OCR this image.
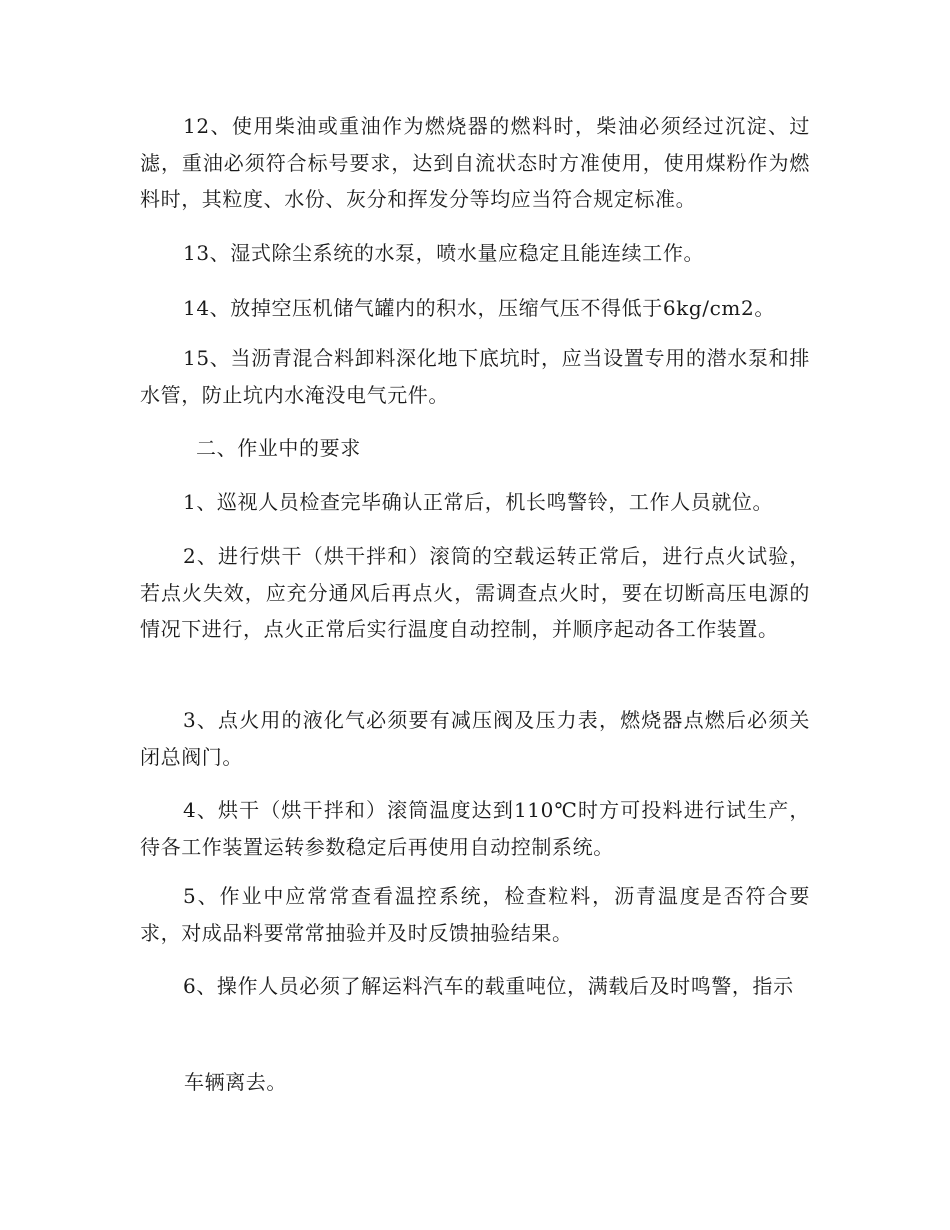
12、使用柴油或重油作为燃烧器的燃料时，柴油必须经过沉淀、过滤，重油必须符合标号要求，达到自流状态时方准使用，使用煤粉作为燃料时，其粒度、水份、灰分和挥发分等均应当符合规定标准。

13、湿式除尘系统的水泵，喷水量应稳定且能连续工作。

14、放掉空压机储气罐内的积水，压缩气压不得低于6kg/cm2。

15、当沥青混合料卸料深化地下底坑时，应当设置专用的潜水泵和排水管，防止坑内水淹没电气元件。

二、作业中的要求

1、巡视人员检查完毕确认正常后，机长鸣警铃，工作人员就位。

2、进行烘干（烘干拌和）滚筒的空载运转正常后，进行点火试验，若点火失效，应充分通风后再点火，需调查点火时，要在切断高压电源的情况下进行，点火正常后实行温度自动控制，并顺序起动各工作装置。

3、点火用的液化气必须要有减压阀及压力表，燃烧器点燃后必须关闭总阀门。

4、烘干（烘干拌和）滚筒温度达到110℃时方可投料进行试生产，待各工作装置运转参数稳定后再使用自动控制系统。

5、作业中应常常查看温控系统，检查粒料，沥青温度是否符合要求，对成品料要常常抽验并及时反馈抽验结果。

6、操作人员必须了解运料汽车的载重吨位，满载后及时鸣警，指示

车辆离去。
